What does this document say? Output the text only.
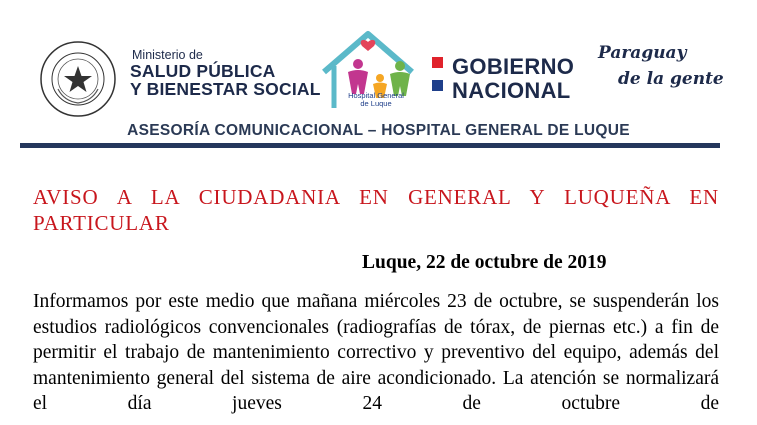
Ministerio de
SALUD PÚBLICA
Y BIENESTAR SOCIAL	Hospital General
de Luque
GOBIERNO
NACIONAL
Paraguay
de la gente
ASESORÍA COMUNICACIONAL – HOSPITAL GENERAL DE LUQUE
AVISO A LA CIUDADANIA EN GENERAL Y LUQUEÑA EN PARTICULAR
Luque, 22 de octubre de 2019
Informamos por este medio que mañana miércoles 23 de octubre, se suspenderán los estudios radiológicos convencionales (radiografías de tórax, de piernas etc.) a fin de permitir el trabajo de mantenimiento correctivo y preventivo del equipo, además del mantenimiento general del sistema de aire acondicionado. La atención se normalizará el día jueves 24 de octubre de
